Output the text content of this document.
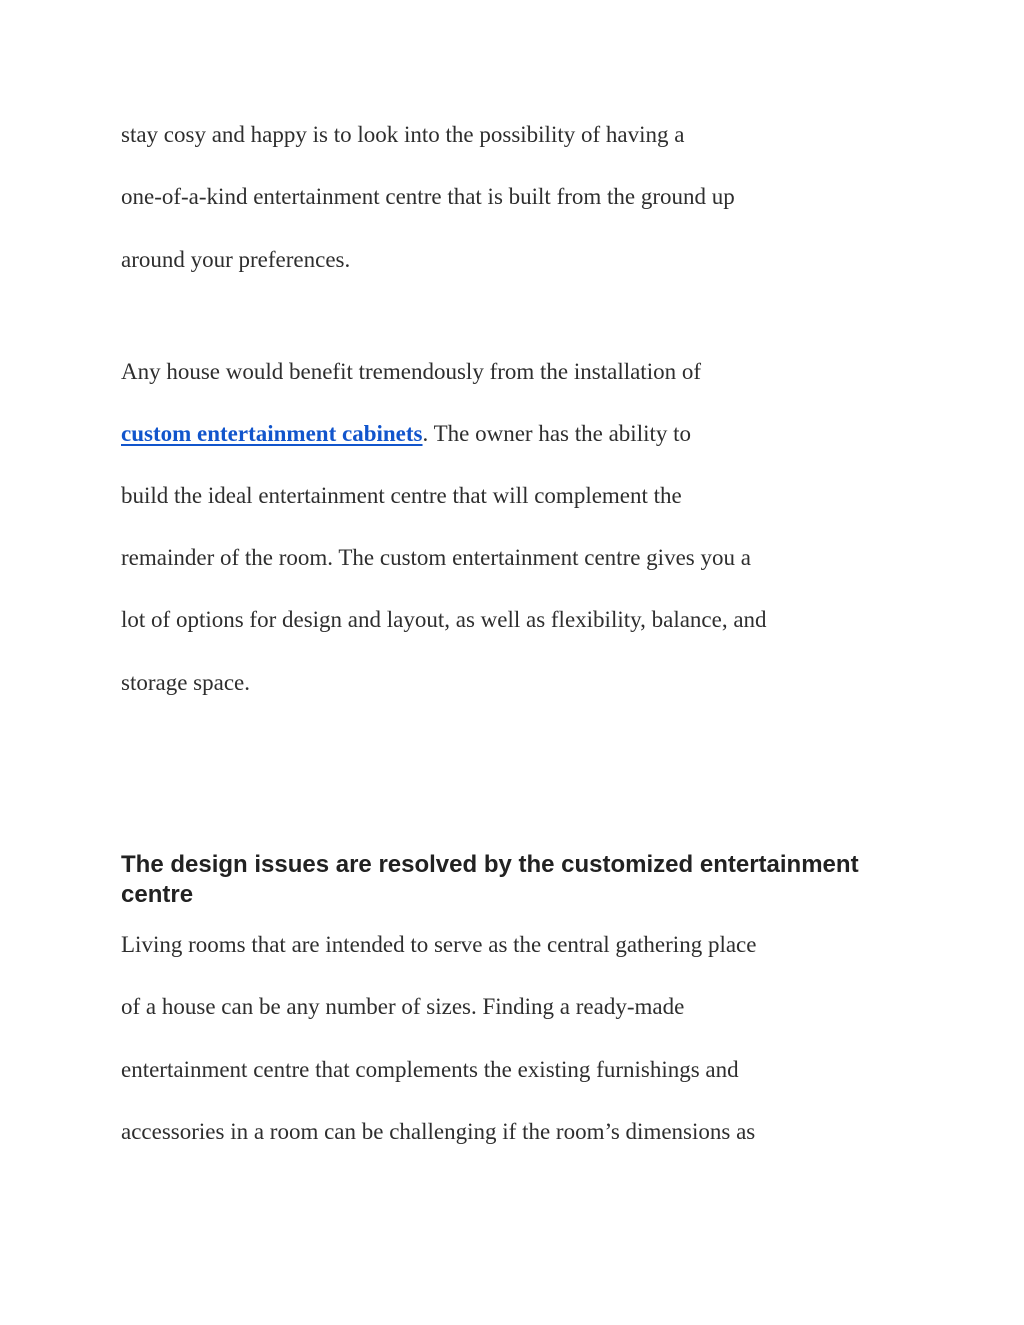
stay cosy and happy is to look into the possibility of having a
one-of-a-kind entertainment centre that is built from the ground up
around your preferences.
Any house would benefit tremendously from the installation of
custom entertainment cabinets. The owner has the ability to
build the ideal entertainment centre that will complement the
remainder of the room. The custom entertainment centre gives you a
lot of options for design and layout, as well as flexibility, balance, and
storage space.
The design issues are resolved by the customized entertainment centre
Living rooms that are intended to serve as the central gathering place
of a house can be any number of sizes. Finding a ready-made
entertainment centre that complements the existing furnishings and
accessories in a room can be challenging if the room’s dimensions as
